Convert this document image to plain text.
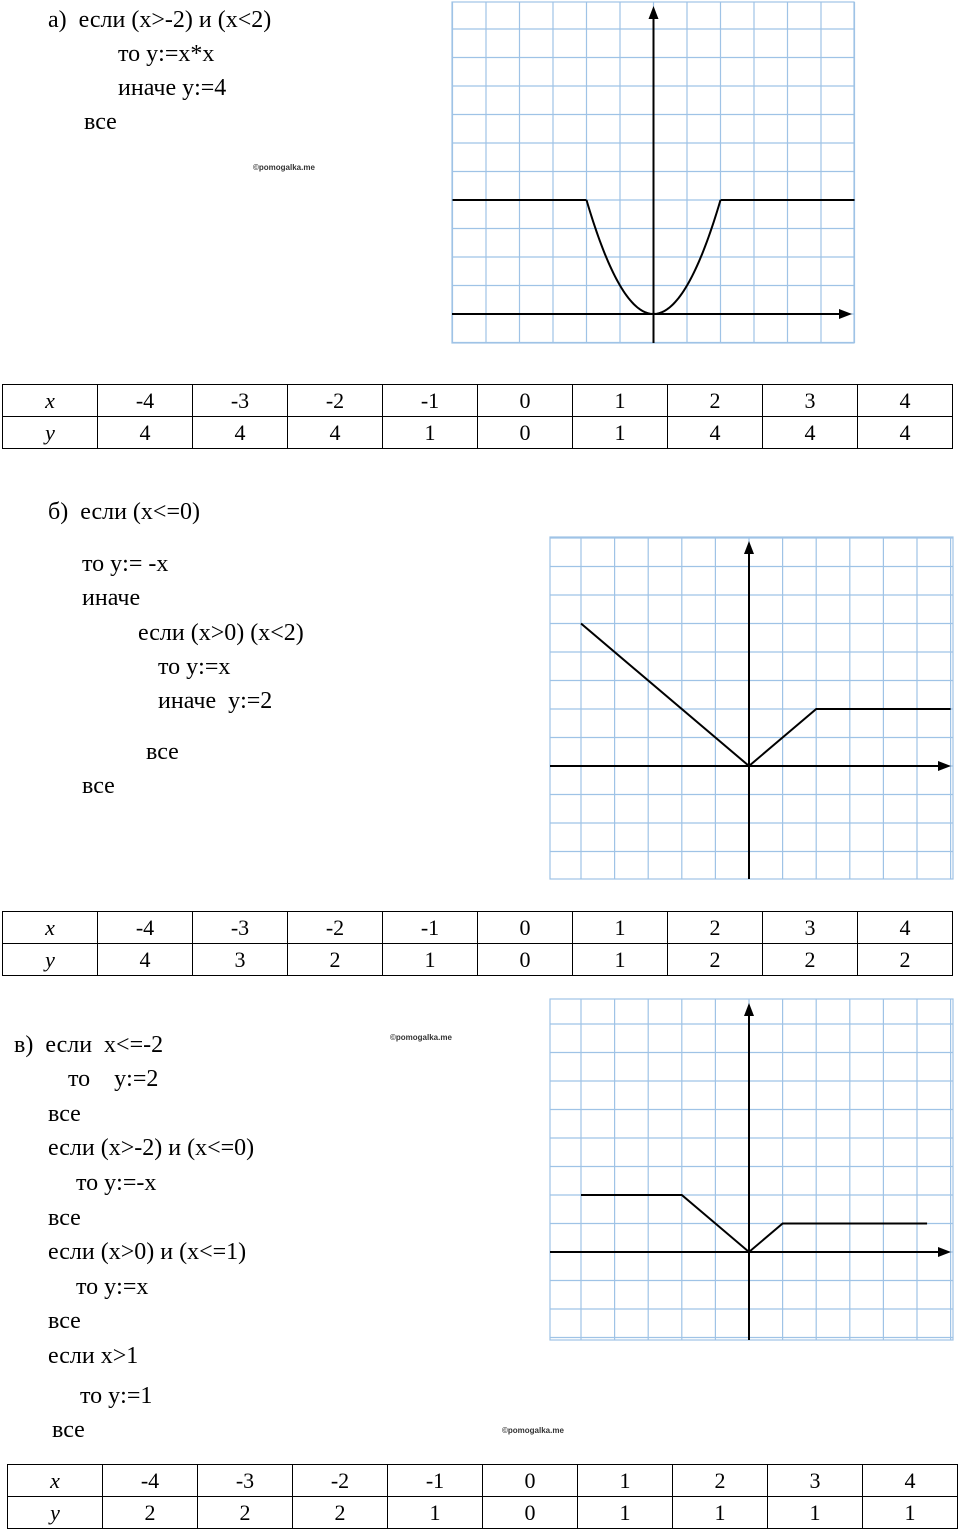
а)  если (x>-2) и (x<2)
то y:=x*x
иначе y:=4
все
©pomogalka.me
б)  если (x<=0)
то y:= -x
иначе
если (x>0) (x<2)
то y:=x
иначе  y:=2
все
все
в)  если  x<=-2
то    y:=2
все
если (x>-2) и (x<=0)
то y:=-x
все
если (x>0) и (x<=1)
то y:=x
все
если x>1
то y:=1
все
©pomogalka.me
©pomogalka.me
x	-4	-3	-2	-1	0	1	2	3	4
y	4	4	4	1	0	1	4	4	4
x	-4	-3	-2	-1	0	1	2	3	4
y	4	3	2	1	0	1	2	2	2
x	-4	-3	-2	-1	0	1	2	3	4
y	2	2	2	1	0	1	1	1	1
